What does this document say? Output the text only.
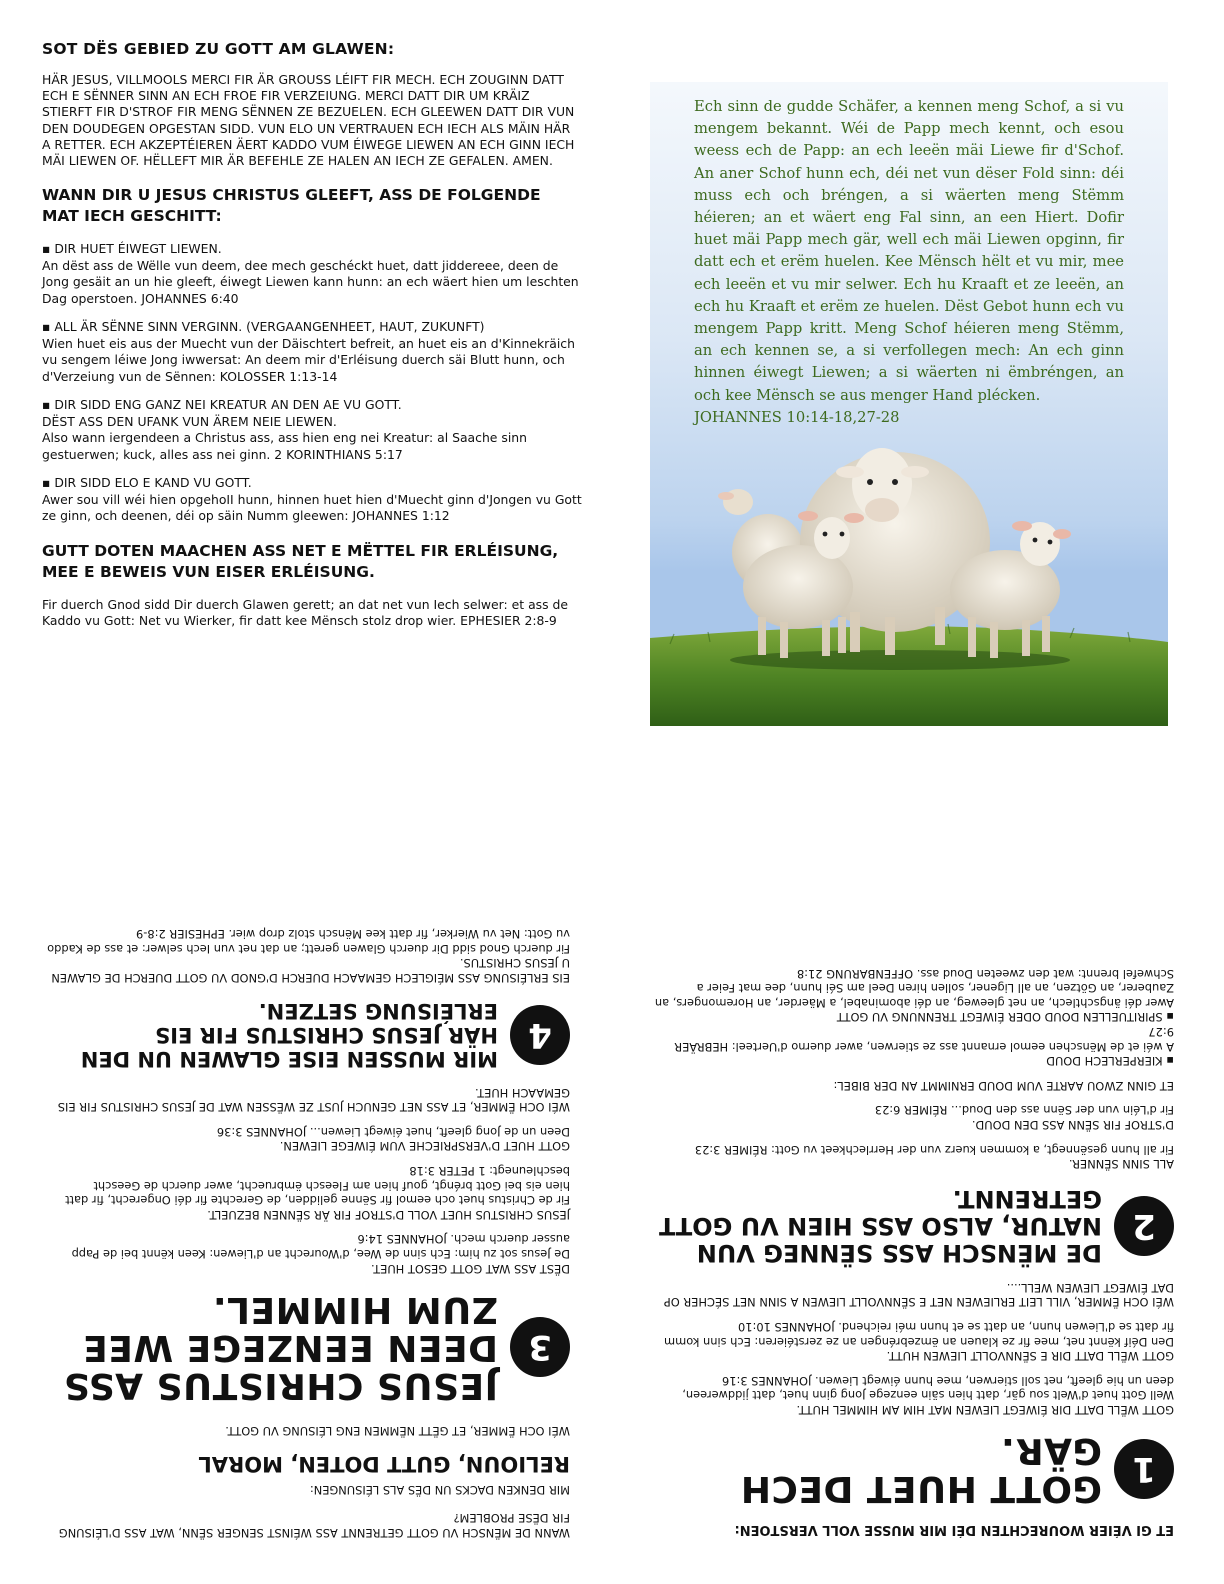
SOT DËS GEBIED ZU GOTT AM GLAWEN:

HÄR JESUS, VILLMOOLS MERCI FIR ÄR GROUSS LÉIFT FIR MECH. ECH ZOUGINN DATT ECH E SËNNER SINN AN ECH FROE FIR VERZEIUNG. MERCI DATT DIR UM KRÄIZ STIERFT FIR D'STROF FIR MENG SËNNEN ZE BEZUELEN. ECH GLEEWEN DATT DIR VUN DEN DOUDEGEN OPGESTAN SIDD. VUN ELO UN VERTRAUEN ECH IECH ALS MÄIN HÄR A RETTER. ECH AKZEPTÉIEREN ÄERT KADDO VUM ÉIWEGE LIEWEN AN ECH GINN IECH MÄI LIEWEN OF. HËLLEFT MIR ÄR BEFEHLE ZE HALEN AN IECH ZE GEFALEN. AMEN.

WANN DIR U JESUS CHRISTUS GLEEFT, ASS DE FOLGENDE MAT IECH GESCHITT:
▪ DIR HUET ÉIWEGT LIEWEN.
An dëst ass de Wëlle vun deem, dee mech geschéckt huet, datt jiddereee, deen de Jong gesäit an un hie gleeft, éiwegt Liewen kann hunn: an ech wäert hien um leschten Dag operstoen. JOHANNES 6:40
▪ ALL ÄR SËNNE SINN VERGINN. (VERGAANGENHEET, HAUT, ZUKUNFT)
Wien huet eis aus der Muecht vun der Däischtert befreit, an huet eis an d'Kinnekräich vu sengem léiwe Jong iwwersat: An deem mir d'Erléisung duerch säi Blutt hunn, och d'Verzeiung vun de Sënnen: KOLOSSER 1:13-14
▪ DIR SIDD ENG GANZ NEI KREATUR AN DEN AE VU GOTT.
DËST ASS DEN UFANK VUN ÄREM NEIE LIEWEN.
Also wann iergendeen a Christus ass, ass hien eng nei Kreatur: al Saache sinn gestuerwen; kuck, alles ass nei ginn. 2 KORINTHIANS 5:17
▪ DIR SIDD ELO E KAND VU GOTT.
Awer sou vill wéi hien opgehoII hunn, hinnen huet hien d'Muecht ginn d'Jongen vu Gott ze ginn, och deenen, déi op säin Numm gleewen: JOHANNES 1:12
GUTT DOTEN MAACHEN ASS NET E MËTTEL FIR ERLÉISUNG, MEE E BEWEIS VUN EISER ERLÉISUNG.

Fir duerch Gnod sidd Dir duerch Glawen gerett; an dat net vun Iech selwer: et ass de Kaddo vu Gott: Net vu Wierker, fir datt kee Mënsch stolz drop wier. EPHESIER 2:8-9

Ech sinn de gudde Schäfer, a kennen meng Schof, a si vu mengem bekannt. Wéi de Papp mech kennt, och esou weess ech de Papp: an ech leeën mäi Liewe fir d'Schof. An aner Schof hunn ech, déi net vun dëser Fold sinn: déi muss ech och bréngen, a si wäerten meng Stëmm héieren; an et wäert eng Fal sinn, an een Hiert. Dofir huet mäi Papp mech gär, well ech mäi Liewen opginn, fir datt ech et erëm huelen. Kee Mënsch hëlt et vu mir, mee ech leeën et vu mir selwer. Ech hu Kraaft et ze leeën, an ech hu Kraaft et erëm ze huelen. Dëst Gebot hunn ech vu mengem Papp kritt. Meng Schof héieren meng Stëmm, an ech kennen se, a si verfollegen mech: An ech ginn hinnen éiwegt Liewen; a si wäerten ni ëmbréngen, an och kee Mënsch se aus menger Hand plécken.
JOHANNES 10:14-18,27-28

WANN DE MËNSCH VU GOTT GETRENNT ASS WÉINST SENGER SËNN, WAT ASS D'LÉISUNG FIR DËSE PROBLEM?

MIR DENKEN DACKS UN DËS ALS LÉISUNGEN:

RELIOUN, GUTT DOTEN, MORAL

WÉI OCH ËMMER, ET GËTT NËMMEN ENG LÉISUNG VU GOTT.

3

JESUS CHRISTUS ASS DEEN EENZEGE WEE ZUM HIMMEL.

DËST ASS WAT GOTT GESOT HUET.

De Jesus sot zu him: Ech sinn de Wee, d'Wourecht an d'Liewen: Keen kënnt bei de Papp ausser duerch mech. JOHANNES 14:6

JESUS CHRISTUS HUET VOLL D'STROF FIR ÄR SËNNEN BEZUELT.

Fir de Christus huet och eemol fir Sënne gelidden, de Gerechte fir déi Ongerecht, fir datt hien eis bei Gott bréngt, gouf hien am Fleesch ëmbruecht, awer duerch de Geescht beschleunegt: 1 PETER 3:18

GOTT HUET D'VERSPRIECHE VUM ÉIWEGE LIEWEN.

Deen un de Jong gleeft, huet éiwegt Liewen... JOHANNES 3:36

WÉI OCH ËMMER, ET ASS NET GENUCH JUST ZE WËSSEN WAT DE JESUS CHRISTUS FIR EIS GEMAACH HUET.

4

MIR MUSSEN EISE GLAWEN UN DEN HÄR JESUS CHRISTUS FIR EIS ERLÉISUNG SETZEN.

EIS ERLÉISUNG ASS MÉIGLECH GEMAACH DUERCH D'GNOD VU GOTT DUERCH DE GLAWEN U JESUS CHRISTUS.

Fir duerch Gnod sidd Dir duerch Glawen gerett; an dat net vun Iech selwer: et ass de Kaddo vu Gott: Net vu Wierker, fir datt kee Mënsch stolz drop wier. EPHESIER 2:8-9

ET GI VÉIER WOURECHTEN DÉI MIR MUSSE VOLL VERSTOEN:

1

GOTT HUET DECH GÄR.

GOTT WËLL DATT DIR ÉIWEGT LIEWEN MAT HIM AM HIMMEL HUTT.

Well Gott huet d'Welt sou gär, datt hien säin eenzege Jong ginn huet, datt jiddwereen, deen un hie gleeft, net soll stierwen, mee hunn éiwegt Liewen. JOHANNES 3:16

GOTT WËLL DATT DIR E SËNNVOLLT LIEWEN HUTT.

Den Déif kënnt net, mee fir ze klauen an ëmzebréngen an ze zerstéieren: Ech sinn komm fir datt se d'Liewen hunn, an datt se et hunn méi reichend. JOHANNES 10:10

WÉI OCH ËMMER, VILL LEIT ERLIEWEN NET E SËNNVOLLT LIEWEN A SINN NET SÉCHER OP DAT ÉIWEGT LIEWEN WELL....

2

DE MËNSCH ASS SËNNEG VUN NATUR, ALSO ASS HIEN VU GOTT GETRENNT.

ALL SINN SËNNER.

Fir all hunn gesënnegt, a kommen kuerz vun der Herrlechkeet vu Gott: RÉIMER 3:23

D'STROF FIR SËNN ASS DEN DOUD.

Fir d'Léin vun der Sënn ass den Doud... RÉIMER 6:23

ET GINN ZWOU AARTE VUM DOUD ERNIMMT AN DER BIBEL:

▪ KIERPERLECH DOUD

A wéi et de Mënschen eemol ernannt ass ze stierwen, awer duerno d'Uerteel: HEBRÄER 9:27

▪ SPIRITUELLEN DOUD ODER ÉIWEGT TRENNUNG VU GOTT

Awer déi ängschtlech, an net gleeweg, an déi abominabel, a Mäerder, an Horemongers, an Zauberer, an Götzen, an all Ligener, sollen hiren Deel am Séi hunn, dee mat Feier a Schwefel brennt: wat den zweeten Doud ass. OFFENBARUNG 21:8
